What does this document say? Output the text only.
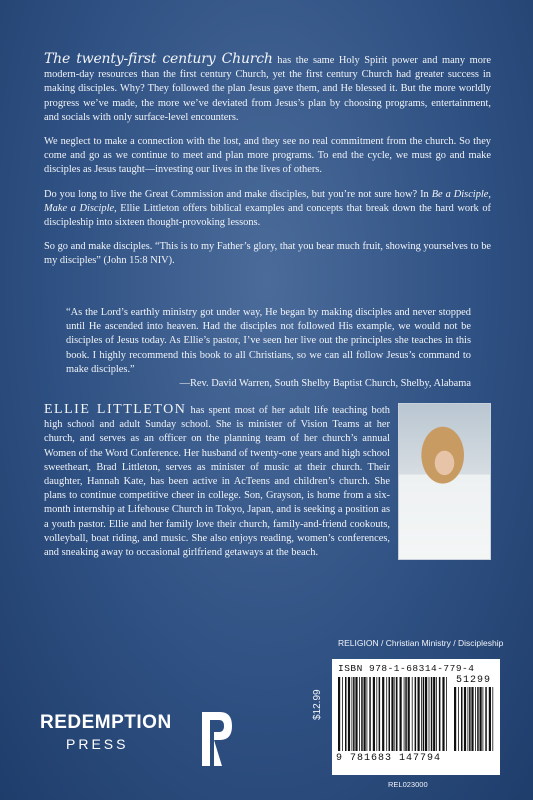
The twenty-first century Church has the same Holy Spirit power and many more modern-day resources than the first century Church, yet the first century Church had greater success in making disciples. Why? They followed the plan Jesus gave them, and He blessed it. But the more worldly progress we’ve made, the more we’ve deviated from Jesus’s plan by choosing programs, entertainment, and socials with only surface-level encounters.

We neglect to make a connection with the lost, and they see no real commitment from the church. So they come and go as we continue to meet and plan more programs. To end the cycle, we must go and make disciples as Jesus taught—investing our lives in the lives of others.

Do you long to live the Great Commission and make disciples, but you’re not sure how? In Be a Disciple, Make a Disciple, Ellie Littleton offers biblical examples and concepts that break down the hard work of discipleship into sixteen thought-provoking lessons.

So go and make disciples. “This is to my Father’s glory, that you bear much fruit, showing yourselves to be my disciples” (John 15:8 NIV).

“As the Lord’s earthly ministry got under way, He began by making disciples and never stopped until He ascended into heaven. Had the disciples not followed His example, we would not be disciples of Jesus today. As Ellie’s pastor, I’ve seen her live out the principles she teaches in this book. I highly recommend this book to all Christians, so we can all follow Jesus’s command to make disciples.”
—Rev. David Warren, South Shelby Baptist Church, Shelby, Alabama
ELLIE LITTLETON has spent most of her adult life teaching both high school and adult Sunday school. She is minister of Vision Teams at her church, and serves as an officer on the planning team of her church’s annual Women of the Word Conference. Her husband of twenty-one years and high school sweetheart, Brad Littleton, serves as minister of music at their church. Their daughter, Hannah Kate, has been active in AcTeens and children’s church. She plans to continue competitive cheer in college. Son, Grayson, is home from a six-month internship at Lifehouse Church in Tokyo, Japan, and is seeking a position as a youth pastor. Ellie and her family love their church, family-and-friend cookouts, volleyball, boat riding, and music. She also enjoys reading, women’s conferences, and sneaking away to occasional girlfriend getaways at the beach.
RELIGION / Christian Ministry / Discipleship
$12.99
ISBN 978-1-68314-779-4
51299
9 781683 147794
REL023000
REDEMPTION
PRESS
